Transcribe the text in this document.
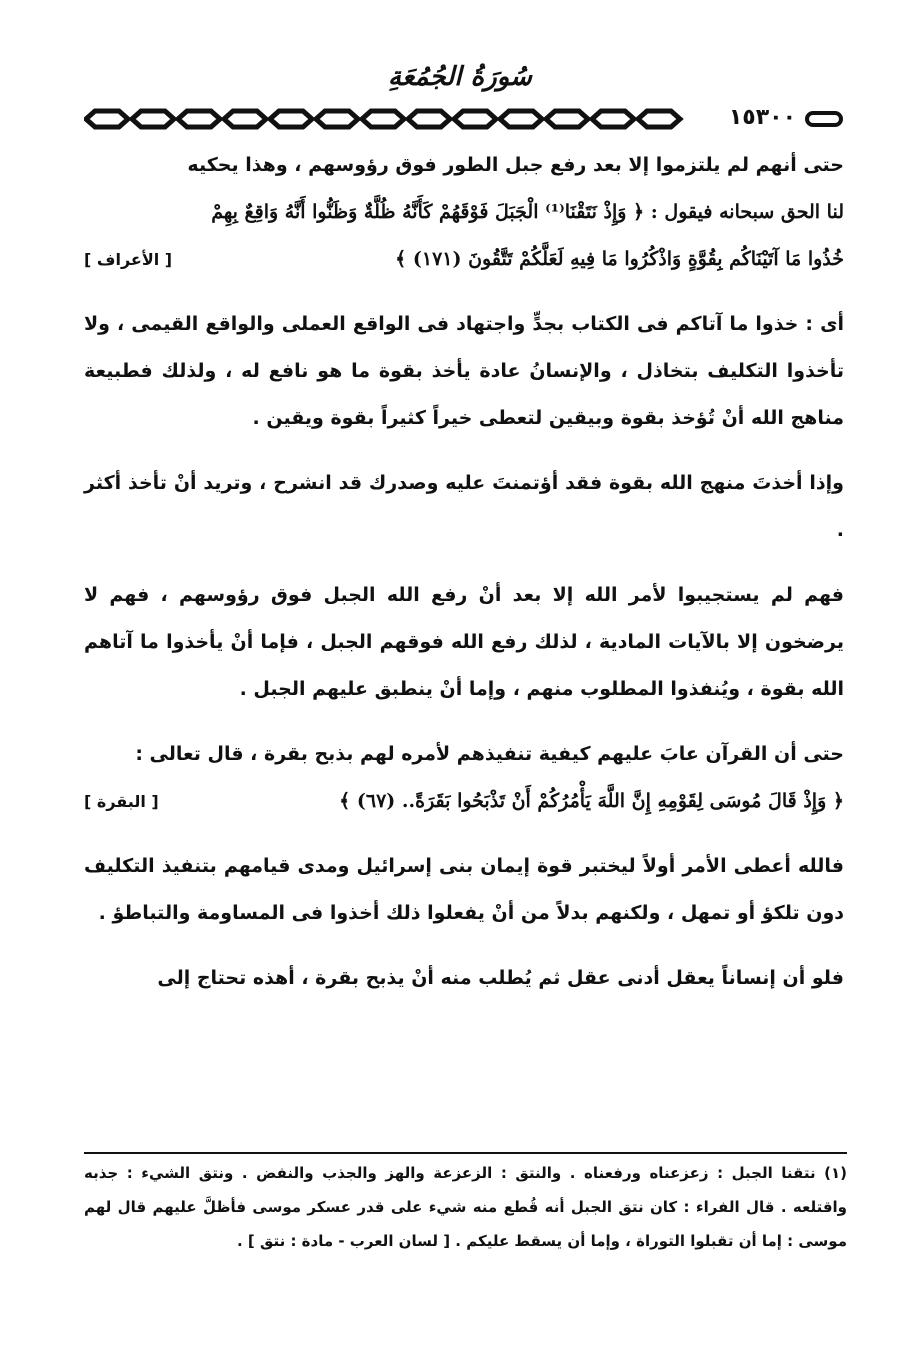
سُورَةُ الجُمُعَةِ
١٥٣٠٠

حتى أنهم لم يلتزموا إلا بعد رفع جبل الطور فوق رؤوسهم ، وهذا يحكيه
لنا الحق سبحانه فيقول : ﴿ وَإِذْ نَتَقْنَا⁽¹⁾ الْجَبَلَ فَوْقَهُمْ كَأَنَّهُ ظُلَّةٌ وَظَنُّوا أَنَّهُ وَاقِعٌ بِهِمْ

خُذُوا مَا آتَيْنَاكُم بِقُوَّةٍ وَاذْكُرُوا مَا فِيهِ لَعَلَّكُمْ تَتَّقُونَ (١٧١) ﴾
[ الأعراف ]

أى : خذوا ما آتاكم فى الكتاب بجدٍّ واجتهاد فى الواقع العملى والواقع القيمى ، ولا تأخذوا التكليف بتخاذل ، والإنسانُ عادة يأخذ بقوة ما هو نافع له ، ولذلك فطبيعة مناهج الله أنْ تُؤخذ بقوة وبيقين لتعطى خيراً كثيراً بقوة ويقين .

وإذا أخذتَ منهج الله بقوة فقد أؤتمنتَ عليه وصدرك قد انشرح ، وتريد أنْ تأخذ أكثر .

فهم لم يستجيبوا لأمر الله إلا بعد أنْ رفع الله الجبل فوق رؤوسهم ، فهم لا يرضخون إلا بالآيات المادية ، لذلك رفع الله فوقهم الجبل ، فإما أنْ يأخذوا ما آتاهم الله بقوة ، ويُنفذوا المطلوب منهم ، وإما أنْ ينطبق عليهم الجبل .

حتى أن القرآن عابَ عليهم كيفية تنفيذهم لأمره لهم بذبح بقرة ، قال تعالى :

﴿ وَإِذْ قَالَ مُوسَى لِقَوْمِهِ إِنَّ اللَّهَ يَأْمُرُكُمْ أَنْ تَذْبَحُوا بَقَرَةً.. (٦٧) ﴾
[ البقرة ]

فالله أعطى الأمر أولاً ليختبر قوة إيمان بنى إسرائيل ومدى قيامهم بتنفيذ التكليف دون تلكؤ أو تمهل ، ولكنهم بدلاً من أنْ يفعلوا ذلك أخذوا فى المساومة والتباطؤ .

فلو أن إنساناً يعقل أدنى عقل ثم يُطلب منه أنْ يذبح بقرة ، أهذه تحتاج إلى

(١) نتقنا الجبل : زعزعناه ورفعناه . والنتق : الزعزعة والهز والجذب والنفض . ونتق الشيء : جذبه واقتلعه . قال الفراء : كان نتق الجبل أنه قُطع منه شيء على قدر عسكر موسى فأظلَّ عليهم قال لهم موسى : إما أن تقبلوا التوراة ، وإما أن يسقط عليكم . [ لسان العرب - مادة : نتق ] .
